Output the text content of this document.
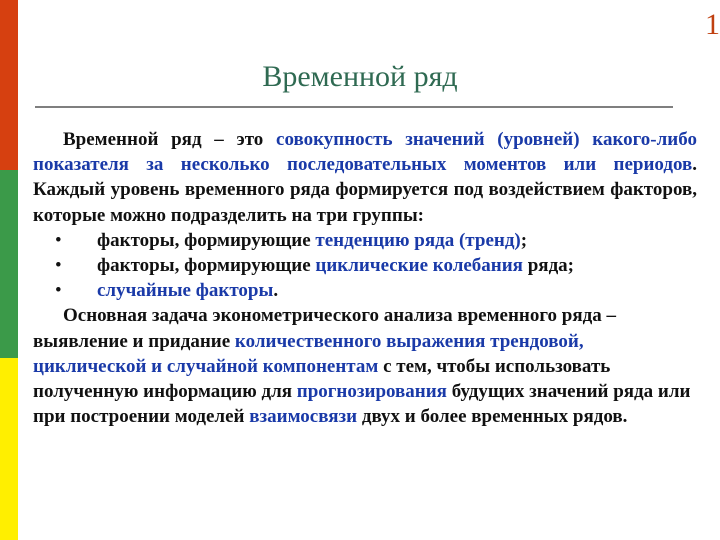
1
Временной ряд

Временной ряд – это совокупность значений (уровней) какого-либо показателя за несколько последовательных моментов или периодов. Каждый уровень временного ряда формируется под воздействием факторов, которые можно подразделить на три группы:

• факторы, формирующие тенденцию ряда (тренд);

• факторы, формирующие циклические колебания ряда;

• случайные факторы.

Основная задача эконометрического анализа временного ряда – выявление и придание количественного выражения трендовой, циклической и случайной компонентам с тем, чтобы использовать полученную информацию для прогнозирования будущих значений ряда или при построении моделей взаимосвязи двух и более временных рядов.
